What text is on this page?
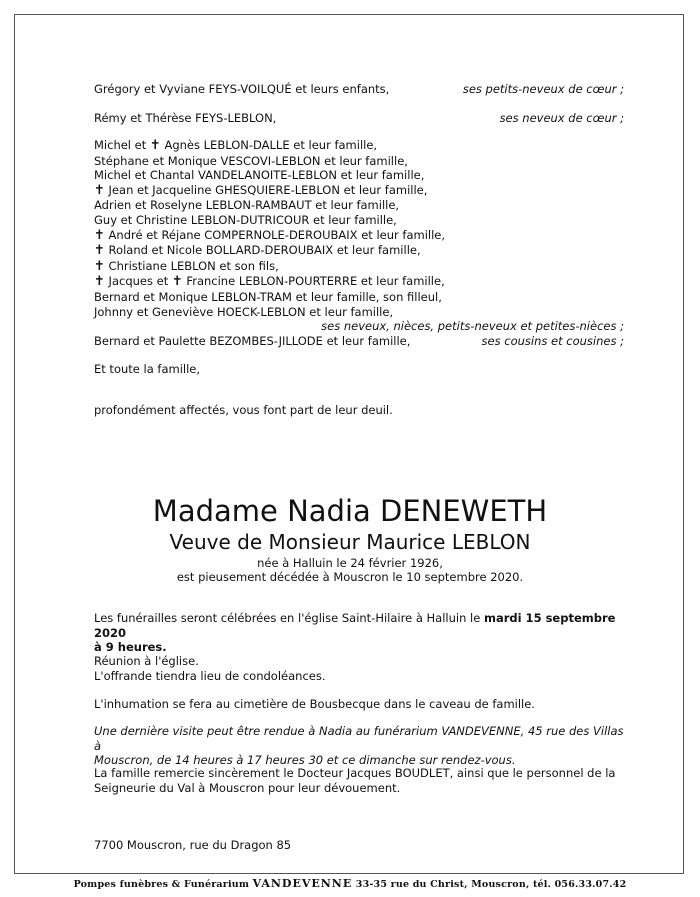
Grégory et Vyviane FEYS-VOILQUÉ et leurs enfants,	ses petits-neveux de cœur ;
Rémy et Thérèse FEYS-LEBLON,	ses neveux de cœur ;
Michel et ✝ Agnès LEBLON-DALLE et leur famille,
Stéphane et Monique VESCOVI-LEBLON et leur famille,
Michel et Chantal VANDELANOITE-LEBLON et leur famille,
✝ Jean et Jacqueline GHESQUIERE-LEBLON et leur famille,
Adrien et Roselyne LEBLON-RAMBAUT et leur famille,
Guy et Christine LEBLON-DUTRICOUR et leur famille,
✝ André et Réjane COMPERNOLE-DEROUBAIX et leur famille,
✝ Roland et Nicole BOLLARD-DEROUBAIX et leur famille,
✝ Christiane LEBLON et son fils,
✝ Jacques et ✝ Francine LEBLON-POURTERRE et leur famille,
Bernard et Monique LEBLON-TRAM et leur famille, son filleul,
Johnny et Geneviève HOECK-LEBLON et leur famille,
ses neveux, nièces, petits-neveux et petites-nièces ;
Bernard et Paulette BEZOMBES-JILLODE et leur famille,	ses cousins et cousines ;
Et toute la famille,
profondément affectés, vous font part de leur deuil.
Madame Nadia DENEWETH
Veuve de Monsieur Maurice LEBLON
née à Halluin le 24 février 1926,
est pieusement décédée à Mouscron le 10 septembre 2020.
Les funérailles seront célébrées en l'église Saint-Hilaire à Halluin le mardi 15 septembre 2020
à 9 heures.
Réunion à l'église.
L'offrande tiendra lieu de condoléances.
L'inhumation se fera au cimetière de Bousbecque dans le caveau de famille.
Une dernière visite peut être rendue à Nadia au funérarium VANDEVENNE, 45 rue des Villas à
Mouscron, de 14 heures à 17 heures 30 et ce dimanche sur rendez-vous.
La famille remercie sincèrement le Docteur Jacques BOUDLET, ainsi que le personnel de la
Seigneurie du Val à Mouscron pour leur dévouement.
7700 Mouscron, rue du Dragon 85
Pompes funèbres & Funérarium VANDEVENNE 33-35 rue du Christ, Mouscron, tél. 056.33.07.42
